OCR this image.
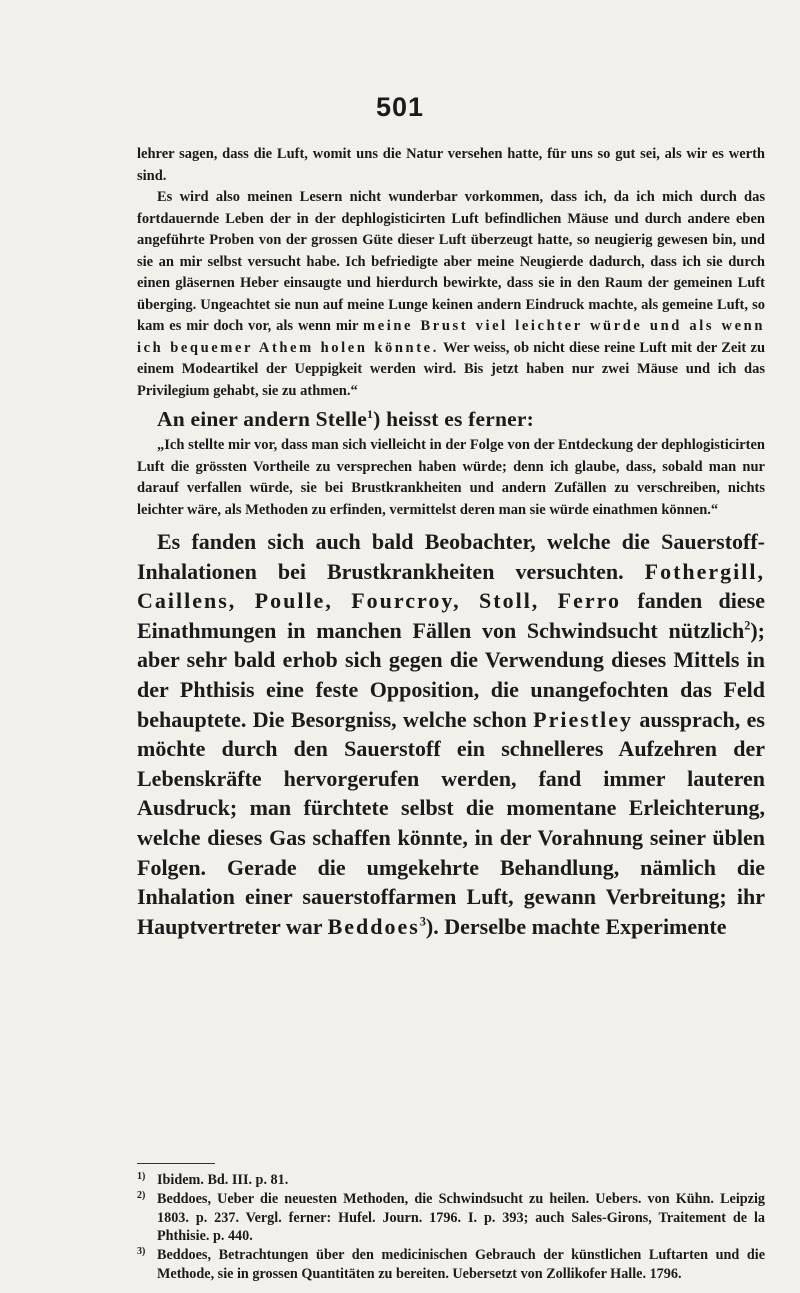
501

lehrer sagen, dass die Luft, womit uns die Natur versehen hatte, für uns so gut sei, als wir es werth sind.

Es wird also meinen Lesern nicht wunderbar vorkommen, dass ich, da ich mich durch das fortdauernde Leben der in der dephlogisticirten Luft befindlichen Mäuse und durch andere eben angeführte Proben von der grossen Güte dieser Luft überzeugt hatte, so neugierig gewesen bin, und sie an mir selbst versucht habe. Ich befriedigte aber meine Neugierde dadurch, dass ich sie durch einen gläsernen Heber einsaugte und hierdurch bewirkte, dass sie in den Raum der gemeinen Luft überging. Ungeachtet sie nun auf meine Lunge keinen andern Eindruck machte, als gemeine Luft, so kam es mir doch vor, als wenn mir meine Brust viel leichter würde und als wenn ich bequemer Athem holen könnte. Wer weiss, ob nicht diese reine Luft mit der Zeit zu einem Modeartikel der Ueppigkeit werden wird. Bis jetzt haben nur zwei Mäuse und ich das Privilegium gehabt, sie zu athmen.“

An einer andern Stelle$^1$) heisst es ferner:

„Ich stellte mir vor, dass man sich vielleicht in der Folge von der Entdeckung der dephlogisticirten Luft die grössten Vortheile zu versprechen haben würde; denn ich glaube, dass, sobald man nur darauf verfallen würde, sie bei Brustkrankheiten und andern Zufällen zu verschreiben, nichts leichter wäre, als Methoden zu erfinden, vermittelst deren man sie würde einathmen können.“

Es fanden sich auch bald Beobachter, welche die Sauerstoff-Inhalationen bei Brustkrankheiten versuchten. Fothergill, Caillens, Poulle, Fourcroy, Stoll, Ferro fanden diese Einathmungen in manchen Fällen von Schwindsucht nützlich$^2$); aber sehr bald erhob sich gegen die Verwendung dieses Mittels in der Phthisis eine feste Opposition, die unangefochten das Feld behauptete. Die Besorgniss, welche schon Priestley aussprach, es möchte durch den Sauerstoff ein schnelleres Aufzehren der Lebenskräfte hervorgerufen werden, fand immer lauteren Ausdruck; man fürchtete selbst die momentane Erleichterung, welche dieses Gas schaffen könnte, in der Vorahnung seiner üblen Folgen. Gerade die umgekehrte Behandlung, nämlich die Inhalation einer sauerstoffarmen Luft, gewann Verbreitung; ihr Hauptvertreter war Beddoes$^3$). Derselbe machte Experimente

1) Ibidem. Bd. III. p. 81.

2) Beddoes, Ueber die neuesten Methoden, die Schwindsucht zu heilen. Uebers. von Kühn. Leipzig 1803. p. 237. Vergl. ferner: Hufel. Journ. 1796. I. p. 393; auch Sales-Girons, Traitement de la Phthisie. p. 440.

3) Beddoes, Betrachtungen über den medicinischen Gebrauch der künstlichen Luftarten und die Methode, sie in grossen Quantitäten zu bereiten. Uebersetzt von Zollikofer Halle. 1796.
